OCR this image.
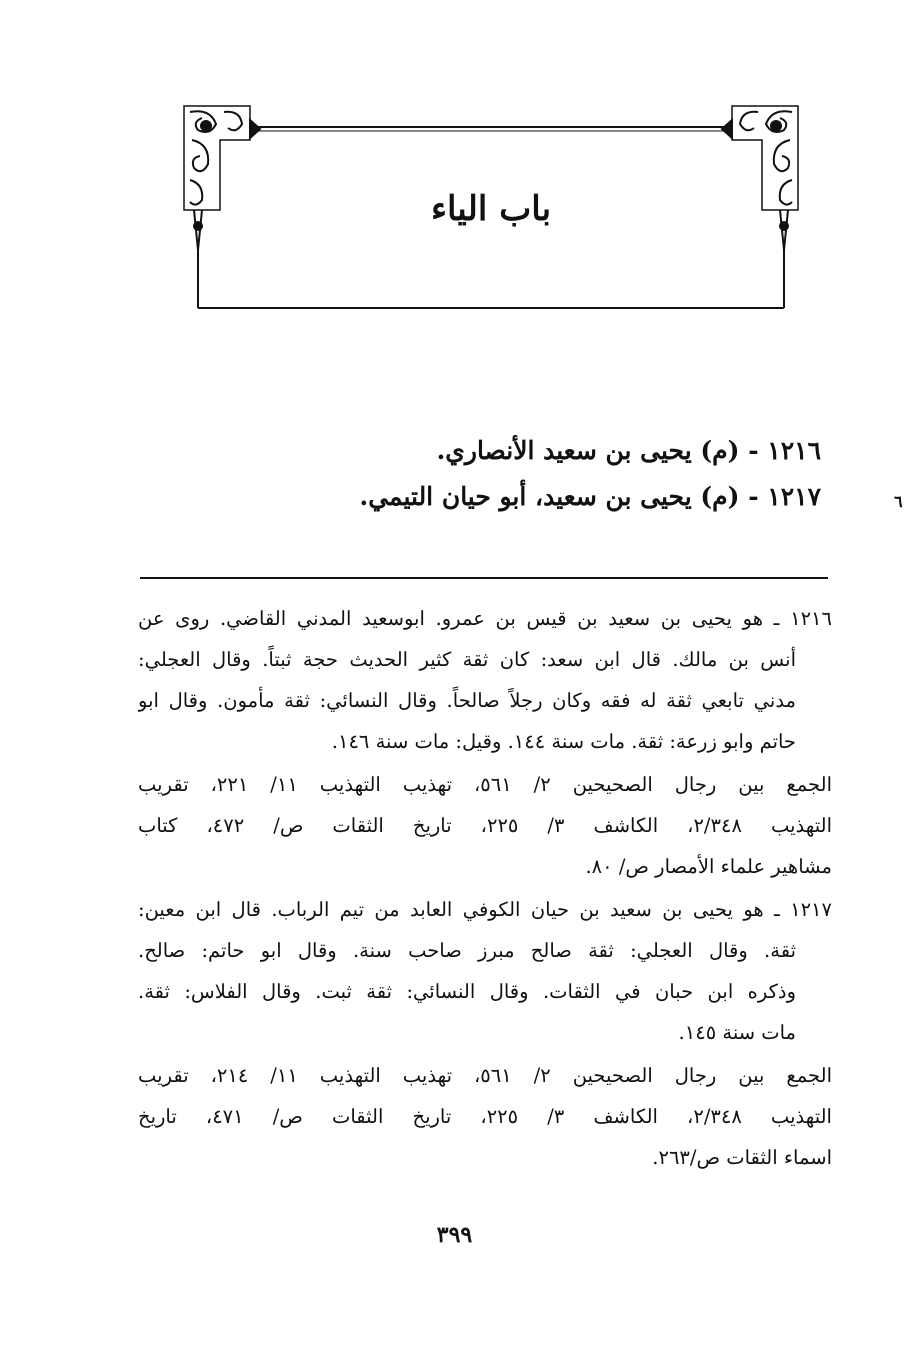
باب الياء
١٢١٦ - (م) يحيى بن سعيد الأنصاري.
١٢١٧ - (م) يحيى بن سعيد، أبو حيان التيمي.	٦
١٢١٦ ـ هو يحيى بن سعيد بن قيس بن عمرو. ابوسعيد المدني القاضي. روى عن
أنس بن مالك. قال ابن سعد: كان ثقة كثير الحديث حجة ثبتاً. وقال العجلي:
مدني تابعي ثقة له فقه وكان رجلاً صالحاً. وقال النسائي: ثقة مأمون. وقال ابو
حاتم وابو زرعة: ثقة. مات سنة ١٤٤. وقيل: مات سنة ١٤٦.
الجمع بين رجال الصحيحين ٢/ ٥٦١، تهذيب التهذيب ١١/ ٢٢١، تقريب
التهذيب ٢/٣٤٨، الكاشف ٣/ ٢٢٥، تاريخ الثقات ص/ ٤٧٢، كتاب
مشاهير علماء الأمصار ص/ ٨٠.
١٢١٧ ـ هو يحيى بن سعيد بن حيان الكوفي العابد من تيم الرباب. قال ابن معين:
ثقة. وقال العجلي: ثقة صالح مبرز صاحب سنة. وقال ابو حاتم: صالح.
وذكره ابن حبان في الثقات. وقال النسائي: ثقة ثبت. وقال الفلاس: ثقة.
مات سنة ١٤٥.
الجمع بين رجال الصحيحين ٢/ ٥٦١، تهذيب التهذيب ١١/ ٢١٤، تقريب
التهذيب ٢/٣٤٨، الكاشف ٣/ ٢٢٥، تاريخ الثقات ص/ ٤٧١، تاريخ
اسماء الثقات ص/٢٦٣.
٣٩٩
